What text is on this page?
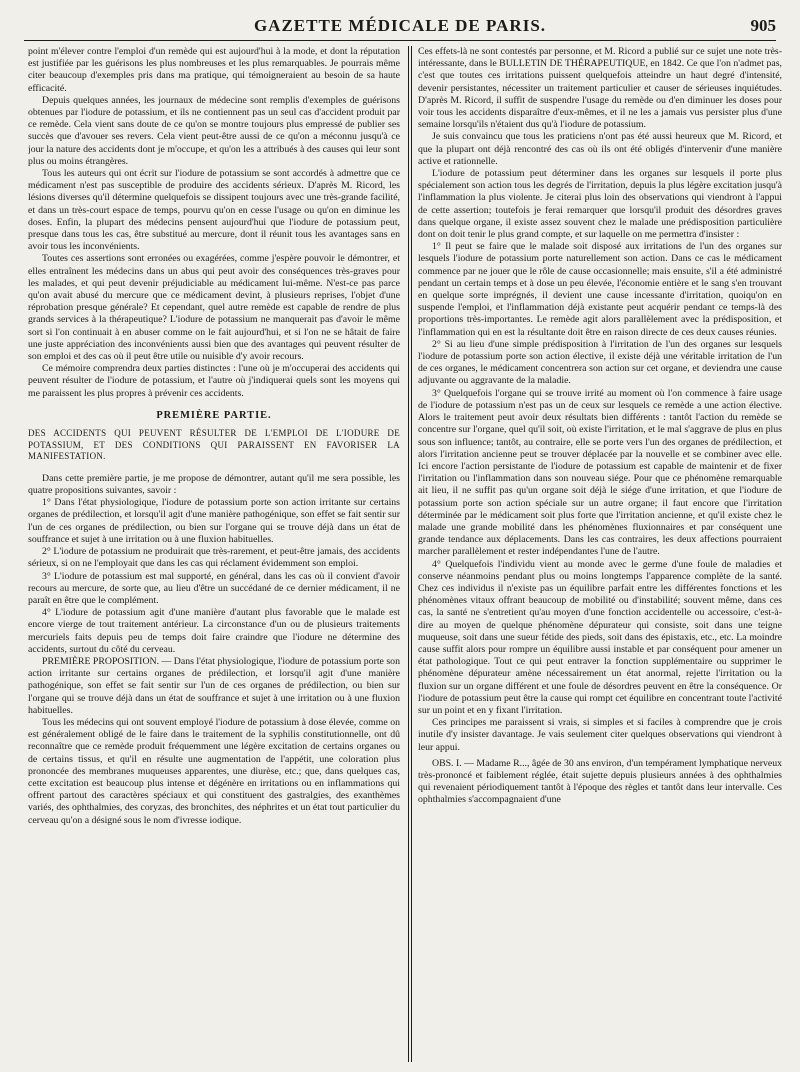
GAZETTE MÉDICALE DE PARIS.	905

point m'élever contre l'emploi d'un remède qui est aujourd'hui à la mode, et dont la réputation est justifiée par les guérisons les plus nombreuses et les plus remarquables. Je pourrais même citer beaucoup d'exemples pris dans ma pratique, qui témoigneraient au besoin de sa haute efficacité.

Depuis quelques années, les journaux de médecine sont remplis d'exemples de guérisons obtenues par l'iodure de potassium, et ils ne contiennent pas un seul cas d'accident produit par ce remède. Cela vient sans doute de ce qu'on se montre toujours plus empressé de publier ses succès que d'avouer ses revers. Cela vient peut-être aussi de ce qu'on a méconnu jusqu'à ce jour la nature des accidents dont je m'occupe, et qu'on les a attribués à des causes qui leur sont plus ou moins étrangères.

Tous les auteurs qui ont écrit sur l'iodure de potassium se sont accordés à admettre que ce médicament n'est pas susceptible de produire des accidents sérieux. D'après M. Ricord, les lésions diverses qu'il détermine quelquefois se dissipent toujours avec une très-grande facilité, et dans un très-court espace de temps, pourvu qu'on en cesse l'usage ou qu'on en diminue les doses. Enfin, la plupart des médecins pensent aujourd'hui que l'iodure de potassium peut, presque dans tous les cas, être substitué au mercure, dont il réunit tous les avantages sans en avoir tous les inconvénients.

Toutes ces assertions sont erronées ou exagérées, comme j'espère pouvoir le démontrer, et elles entraînent les médecins dans un abus qui peut avoir des conséquences très-graves pour les malades, et qui peut devenir préjudiciable au médicament lui-même. N'est-ce pas parce qu'on avait abusé du mercure que ce médicament devint, à plusieurs reprises, l'objet d'une réprobation presque générale? Et cependant, quel autre remède est capable de rendre de plus grands services à la thérapeutique? L'iodure de potassium ne manquerait pas d'avoir le même sort si l'on continuait à en abuser comme on le fait aujourd'hui, et si l'on ne se hâtait de faire une juste appréciation des inconvénients aussi bien que des avantages qui peuvent résulter de son emploi et des cas où il peut être utile ou nuisible d'y avoir recours.

Ce mémoire comprendra deux parties distinctes : l'une où je m'occuperai des accidents qui peuvent résulter de l'iodure de potassium, et l'autre où j'indiquerai quels sont les moyens qui me paraissent les plus propres à prévenir ces accidents.

PREMIÈRE PARTIE.
DES ACCIDENTS QUI PEUVENT RÉSULTER DE L'EMPLOI DE L'IODURE DE POTASSIUM, ET DES CONDITIONS QUI PARAISSENT EN FAVORISER LA MANIFESTATION.

Dans cette première partie, je me propose de démontrer, autant qu'il me sera possible, les quatre propositions suivantes, savoir :

1° Dans l'état physiologique, l'iodure de potassium porte son action irritante sur certains organes de prédilection, et lorsqu'il agit d'une manière pathogénique, son effet se fait sentir sur l'un de ces organes de prédilection, ou bien sur l'organe qui se trouve déjà dans un état de souffrance et sujet à une irritation ou à une fluxion habituelles.

2° L'iodure de potassium ne produirait que très-rarement, et peut-être jamais, des accidents sérieux, si on ne l'employait que dans les cas qui réclament évidemment son emploi.

3° L'iodure de potassium est mal supporté, en général, dans les cas où il convient d'avoir recours au mercure, de sorte que, au lieu d'être un succédané de ce dernier médicament, il ne paraît en être que le complément.

4° L'iodure de potassium agit d'une manière d'autant plus favorable que le malade est encore vierge de tout traitement antérieur. La circonstance d'un ou de plusieurs traitements mercuriels faits depuis peu de temps doit faire craindre que l'iodure ne détermine des accidents, surtout du côté du cerveau.

PREMIÈRE PROPOSITION. — Dans l'état physiologique, l'iodure de potassium porte son action irritante sur certains organes de prédilection, et lorsqu'il agit d'une manière pathogénique, son effet se fait sentir sur l'un de ces organes de prédilection, ou bien sur l'organe qui se trouve déjà dans un état de souffrance et sujet à une irritation ou à une fluxion habituelles.

Tous les médecins qui ont souvent employé l'iodure de potassium à dose élevée, comme on est généralement obligé de le faire dans le traitement de la syphilis constitutionnelle, ont dû reconnaître que ce remède produit fréquemment une légère excitation de certains organes ou de certains tissus, et qu'il en résulte une augmentation de l'appétit, une coloration plus prononcée des membranes muqueuses apparentes, une diurèse, etc.; que, dans quelques cas, cette excitation est beaucoup plus intense et dégénère en irritations ou en inflammations qui offrent partout des caractères spéciaux et qui constituent des gastralgies, des exanthèmes variés, des ophthalmies, des coryzas, des bronchites, des néphrites et un état tout particulier du cerveau qu'on a désigné sous le nom d'ivresse iodique.

Ces effets-là ne sont contestés par personne, et M. Ricord a publié sur ce sujet une note très-intéressante, dans le BULLETIN DE THÉRAPEUTIQUE, en 1842. Ce que l'on n'admet pas, c'est que toutes ces irritations puissent quelquefois atteindre un haut degré d'intensité, devenir persistantes, nécessiter un traitement particulier et causer de sérieuses inquiétudes. D'après M. Ricord, il suffit de suspendre l'usage du remède ou d'en diminuer les doses pour voir tous les accidents disparaître d'eux-mêmes, et il ne les a jamais vus persister plus d'une semaine lorsqu'ils n'étaient dus qu'à l'iodure de potassium.

Je suis convaincu que tous les praticiens n'ont pas été aussi heureux que M. Ricord, et que la plupart ont déjà rencontré des cas où ils ont été obligés d'intervenir d'une manière active et rationnelle.

L'iodure de potassium peut déterminer dans les organes sur lesquels il porte plus spécialement son action tous les degrés de l'irritation, depuis la plus légère excitation jusqu'à l'inflammation la plus violente. Je citerai plus loin des observations qui viendront à l'appui de cette assertion; toutefois je ferai remarquer que lorsqu'il produit des désordres graves dans quelque organe, il existe assez souvent chez le malade une prédisposition particulière dont on doit tenir le plus grand compte, et sur laquelle on me permettra d'insister :

1° Il peut se faire que le malade soit disposé aux irritations de l'un des organes sur lesquels l'iodure de potassium porte naturellement son action. Dans ce cas le médicament commence par ne jouer que le rôle de cause occasionnelle; mais ensuite, s'il a été administré pendant un certain temps et à dose un peu élevée, l'économie entière et le sang s'en trouvant en quelque sorte imprégnés, il devient une cause incessante d'irritation, quoiqu'on en suspende l'emploi, et l'inflammation déjà existante peut acquérir pendant ce temps-là des proportions très-importantes. Le remède agit alors parallèlement avec la prédisposition, et l'inflammation qui en est la résultante doit être en raison directe de ces deux causes réunies.

2° Si au lieu d'une simple prédisposition à l'irritation de l'un des organes sur lesquels l'iodure de potassium porte son action élective, il existe déjà une véritable irritation de l'un de ces organes, le médicament concentrera son action sur cet organe, et deviendra une cause adjuvante ou aggravante de la maladie.

3° Quelquefois l'organe qui se trouve irrité au moment où l'on commence à faire usage de l'iodure de potassium n'est pas un de ceux sur lesquels ce remède a une action élective. Alors le traitement peut avoir deux résultats bien différents : tantôt l'action du remède se concentre sur l'organe, quel qu'il soit, où existe l'irritation, et le mal s'aggrave de plus en plus sous son influence; tantôt, au contraire, elle se porte vers l'un des organes de prédilection, et alors l'irritation ancienne peut se trouver déplacée par la nouvelle et se combiner avec elle. Ici encore l'action persistante de l'iodure de potassium est capable de maintenir et de fixer l'irritation ou l'inflammation dans son nouveau siége. Pour que ce phénomène remarquable ait lieu, il ne suffit pas qu'un organe soit déjà le siége d'une irritation, et que l'iodure de potassium porte son action spéciale sur un autre organe; il faut encore que l'irritation déterminée par le médicament soit plus forte que l'irritation ancienne, et qu'il existe chez le malade une grande mobilité dans les phénomènes fluxionnaires et par conséquent une grande tendance aux déplacements. Dans les cas contraires, les deux affections pourraient marcher parallèlement et rester indépendantes l'une de l'autre.

4° Quelquefois l'individu vient au monde avec le germe d'une foule de maladies et conserve néanmoins pendant plus ou moins longtemps l'apparence complète de la santé. Chez ces individus il n'existe pas un équilibre parfait entre les différentes fonctions et les phénomènes vitaux offrant beaucoup de mobilité ou d'instabilité; souvent même, dans ces cas, la santé ne s'entretient qu'au moyen d'une fonction accidentelle ou accessoire, c'est-à-dire au moyen de quelque phénomène dépurateur qui consiste, soit dans une teigne muqueuse, soit dans une sueur fétide des pieds, soit dans des épistaxis, etc., etc. La moindre cause suffit alors pour rompre un équilibre aussi instable et par conséquent pour amener un état pathologique. Tout ce qui peut entraver la fonction supplémentaire ou supprimer le phénomène dépurateur amène nécessairement un état anormal, rejette l'irritation ou la fluxion sur un organe différent et une foule de désordres peuvent en être la conséquence. Or l'iodure de potassium peut être la cause qui rompt cet équilibre en concentrant toute l'activité sur un point et en y fixant l'irritation.

Ces principes me paraissent si vrais, si simples et si faciles à comprendre que je crois inutile d'y insister davantage. Je vais seulement citer quelques observations qui viendront à leur appui.

OBS. I. — Madame R..., âgée de 30 ans environ, d'un tempérament lymphatique nerveux très-prononcé et faiblement réglée, était sujette depuis plusieurs années à des ophthalmies qui revenaient périodiquement tantôt à l'époque des règles et tantôt dans leur intervalle. Ces ophthalmies s'accompagnaient d'une
